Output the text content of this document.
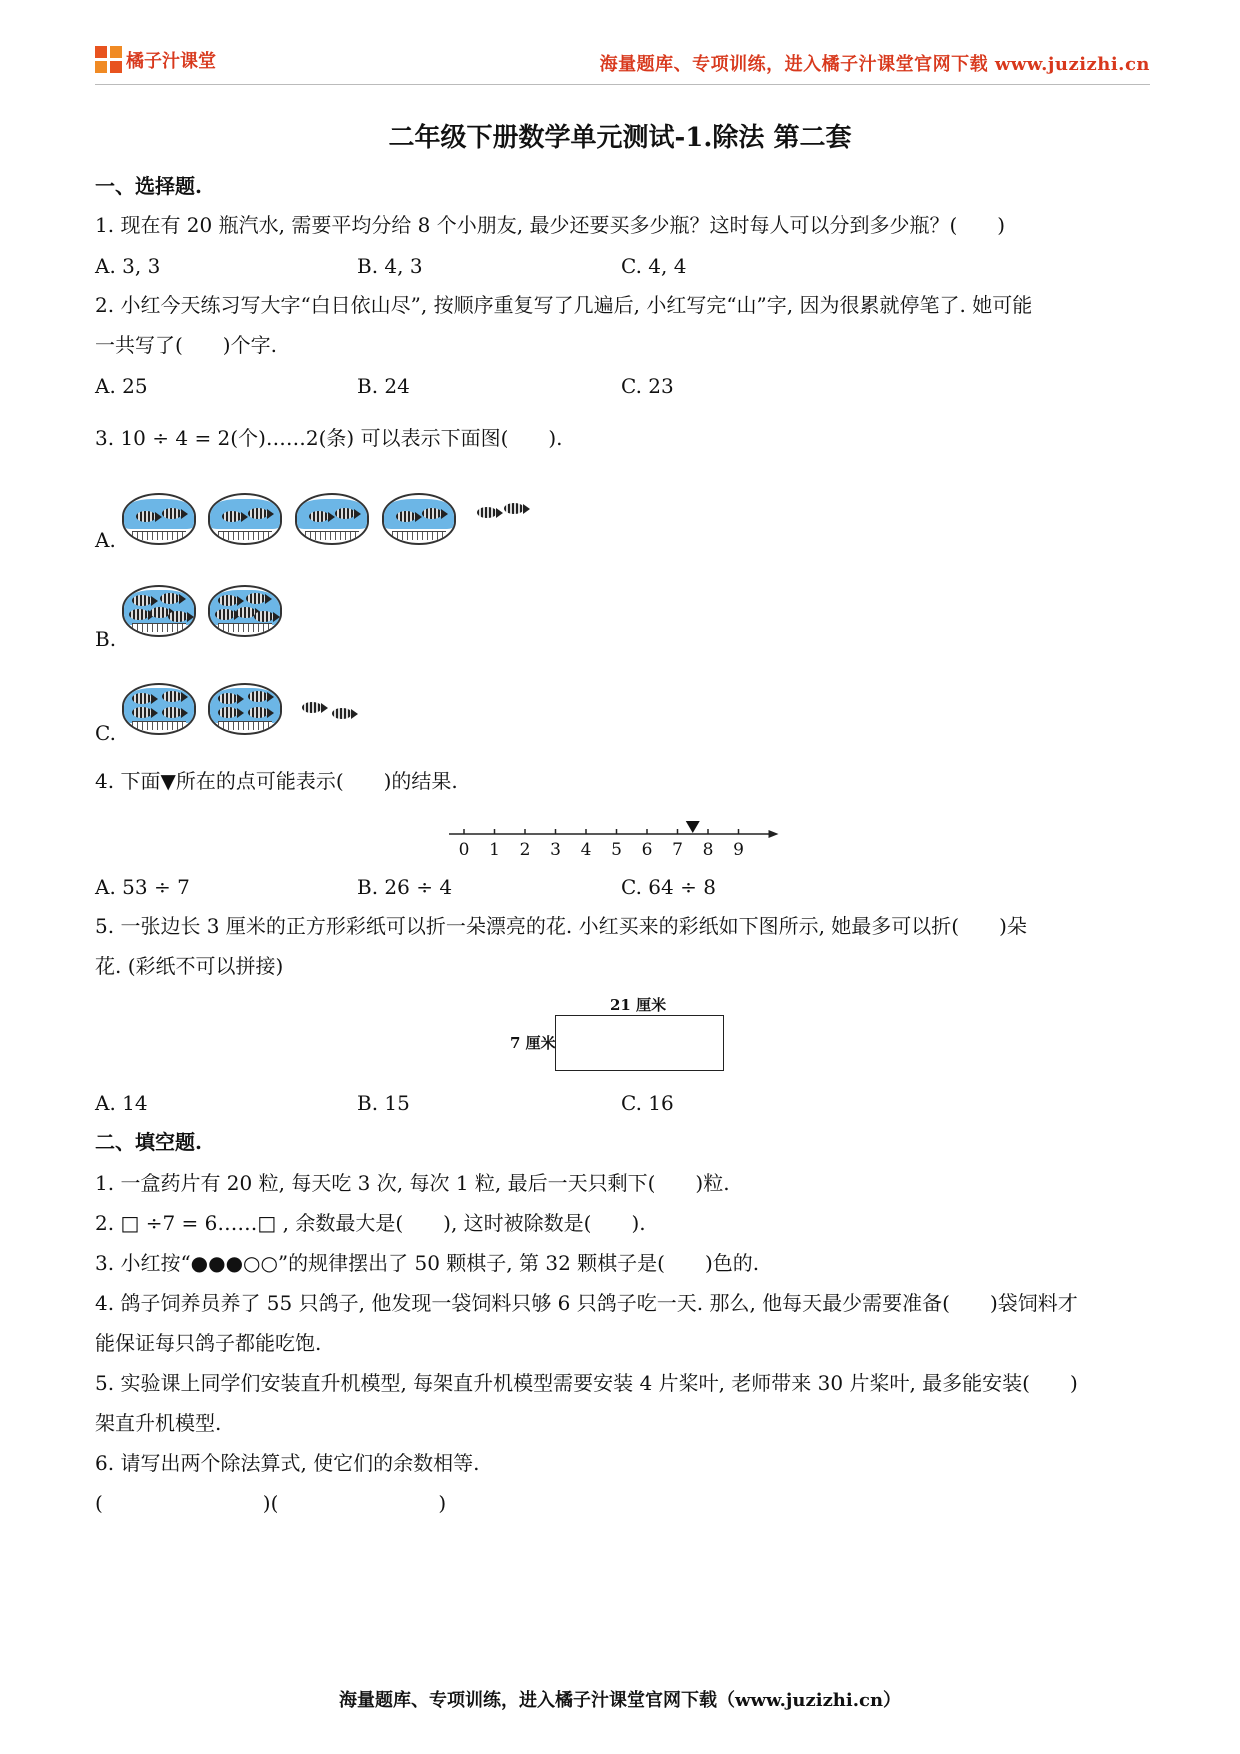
橘子汁课堂	海量题库、专项训练，进入橘子汁课堂官网下载 www.juzizhi.cn
二年级下册数学单元测试-1.除法 第二套
一、选择题.
1. 现在有 20 瓶汽水, 需要平均分给 8 个小朋友, 最少还要买多少瓶？这时每人可以分到多少瓶？(　　)
A. 3, 3	B. 4, 3	C. 4, 4
2. 小红今天练习写大字“白日依山尽”, 按顺序重复写了几遍后, 小红写完“山”字, 因为很累就停笔了. 她可能
一共写了(　　)个字.
A. 25	B. 24	C. 23
3. 10 ÷ 4 = 2(个)……2(条) 可以表示下面图(　　).
A.
B.
C.
4. 下面▼所在的点可能表示(　　)的结果.
0 1 2 3 4 5 6 7 8 9
A. 53 ÷ 7	B. 26 ÷ 4	C. 64 ÷ 8
5. 一张边长 3 厘米的正方形彩纸可以折一朵漂亮的花. 小红买来的彩纸如下图所示, 她最多可以折(　　)朵
花. (彩纸不可以拼接)
21 厘米
7 厘米
A. 14	B. 15	C. 16
二、填空题.
1. 一盒药片有 20 粒, 每天吃 3 次, 每次 1 粒, 最后一天只剩下(　　)粒.
2. □ ÷7 = 6……□ , 余数最大是(　　), 这时被除数是(　　).
3. 小红按“●●●○○”的规律摆出了 50 颗棋子, 第 32 颗棋子是(　　)色的.
4. 鸽子饲养员养了 55 只鸽子, 他发现一袋饲料只够 6 只鸽子吃一天. 那么, 他每天最少需要准备(　　)袋饲料才
能保证每只鸽子都能吃饱.
5. 实验课上同学们安装直升机模型, 每架直升机模型需要安装 4 片桨叶, 老师带来 30 片桨叶, 最多能安装(　　)
架直升机模型.
6. 请写出两个除法算式, 使它们的余数相等.
(　　　　　　　　)(　　　　　　　　)
海量题库、专项训练，进入橘子汁课堂官网下载（www.juzizhi.cn）
